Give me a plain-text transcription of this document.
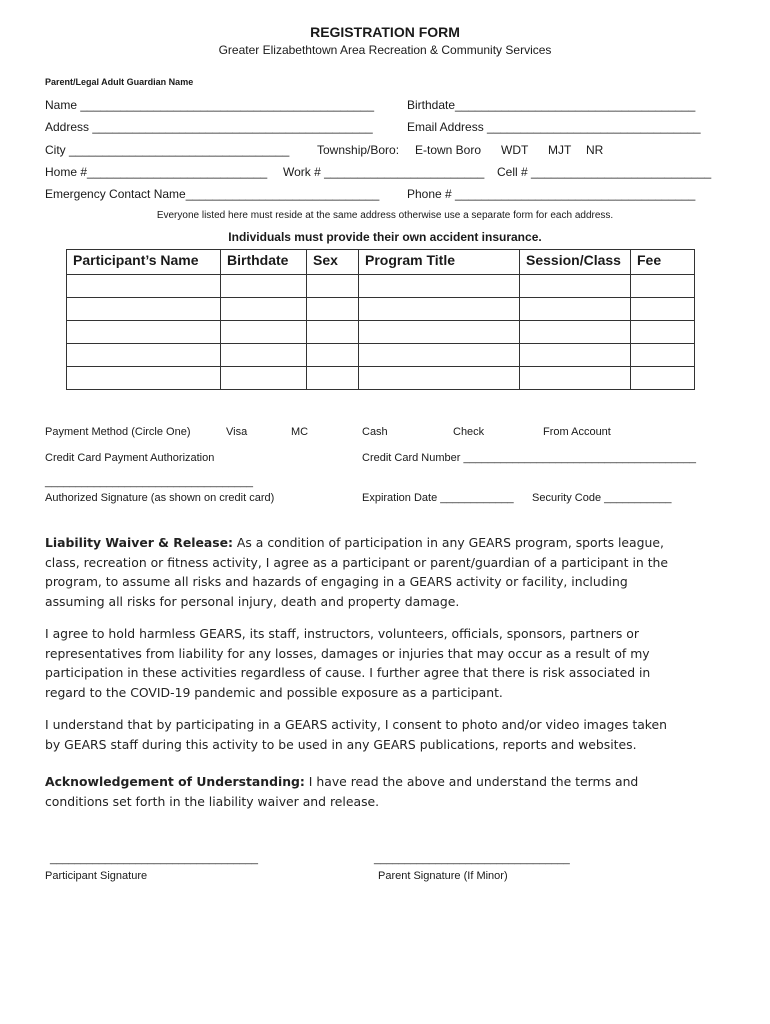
REGISTRATION FORM
Greater Elizabethtown Area Recreation & Community Services
Parent/Legal Adult Guardian Name
Name ____________________________________________	Birthdate____________________________________
Address __________________________________________	Email Address ________________________________
City _________________________________ Township/Boro: E-town Boro WDT MJT NR
Home #___________________________ Work # ________________________ Cell # ___________________________
Emergency Contact Name_____________________________ Phone # ____________________________________
Everyone listed here must reside at the same address otherwise use a separate form for each address.
Individuals must provide their own accident insurance.
Participant’s Name	Birthdate	Sex	Program Title	Session/Class	Fee

Payment Method (Circle One)	Visa	MC	Cash	Check	From Account
Credit Card Payment Authorization	Credit Card Number ______________________________________
__________________________________
Authorized Signature (as shown on credit card)	Expiration Date ____________ Security Code ___________

Liability Waiver & Release: As a condition of participation in any GEARS program, sports league, class, recreation or fitness activity, I agree as a participant or parent/guardian of a participant in the program, to assume all risks and hazards of engaging in a GEARS activity or facility, including assuming all risks for personal injury, death and property damage.

I agree to hold harmless GEARS, its staff, instructors, volunteers, officials, sponsors, partners or representatives from liability for any losses, damages or injuries that may occur as a result of my participation in these activities regardless of cause. I further agree that there is risk associated in regard to the COVID-19 pandemic and possible exposure as a participant.

I understand that by participating in a GEARS activity, I consent to photo and/or video images taken by GEARS staff during this activity to be used in any GEARS publications, reports and websites.

Acknowledgement of Understanding: I have read the above and understand the terms and conditions set forth in the liability waiver and release.

__________________________________	________________________________
Participant Signature	Parent Signature (If Minor)
